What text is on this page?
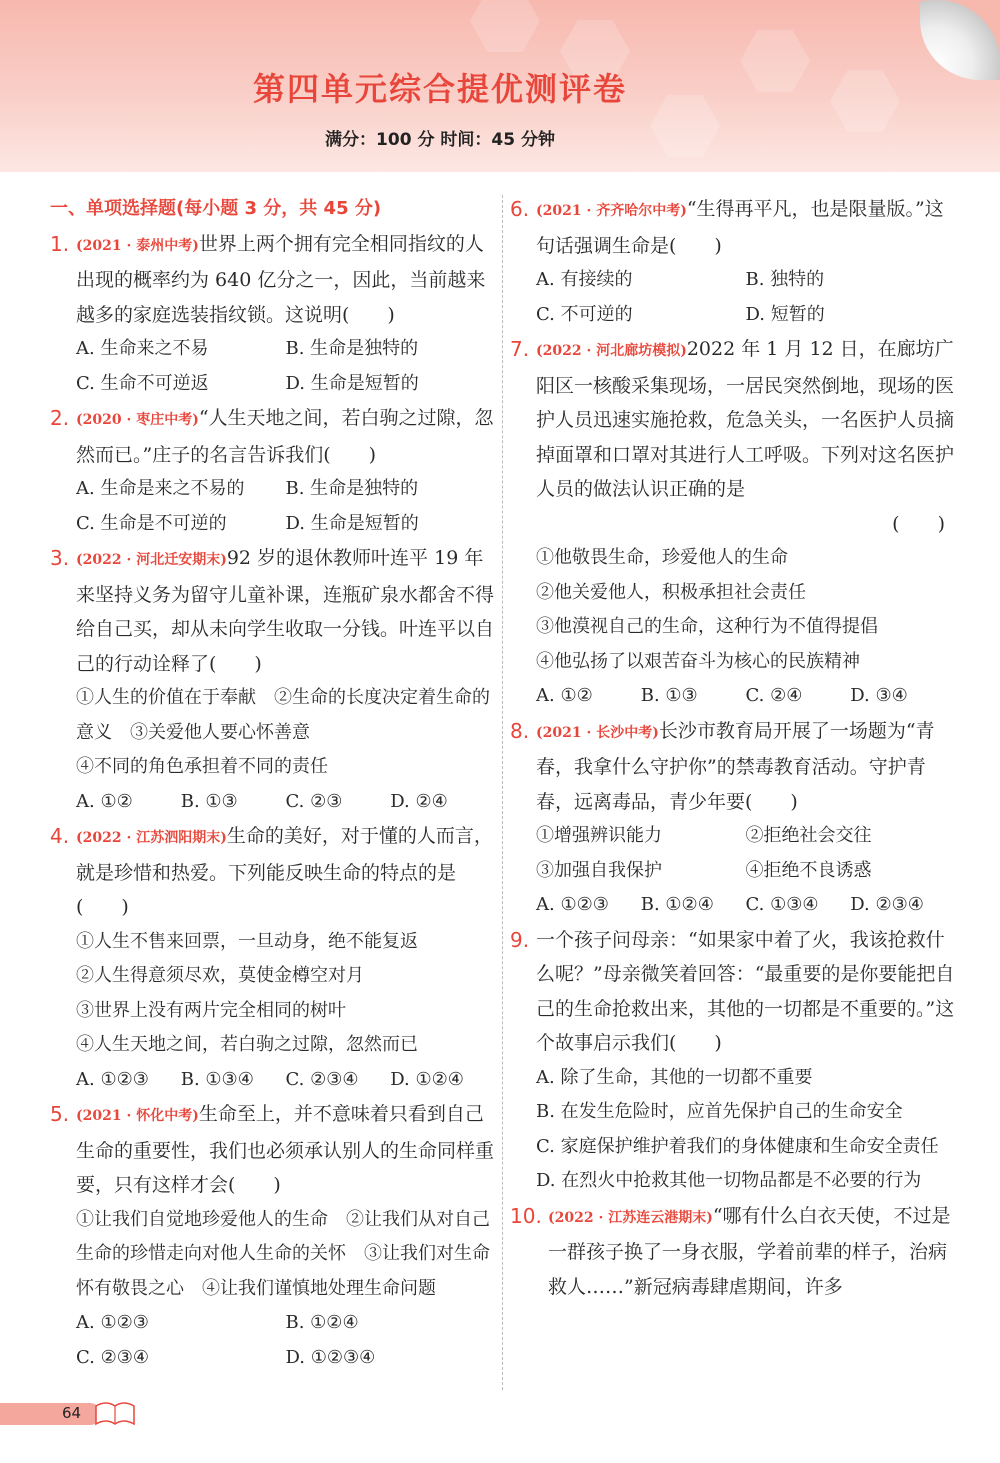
第四单元综合提优测评卷
满分：100 分 时间：45 分钟
一、单项选择题(每小题 3 分，共 45 分)
1. (2021 · 泰州中考)世界上两个拥有完全相同指纹的人出现的概率约为 640 亿分之一，因此，当前越来越多的家庭选装指纹锁。这说明(　　)
A. 生命来之不易	B. 生命是独特的
C. 生命不可逆返	D. 生命是短暂的
2. (2020 · 枣庄中考)“人生天地之间，若白驹之过隙，忽然而已。”庄子的名言告诉我们(　　)
A. 生命是来之不易的	B. 生命是独特的
C. 生命是不可逆的	D. 生命是短暂的
3. (2022 · 河北迁安期末)92 岁的退休教师叶连平 19 年来坚持义务为留守儿童补课，连瓶矿泉水都舍不得给自己买，却从未向学生收取一分钱。叶连平以自己的行动诠释了(　　)
①人生的价值在于奉献　②生命的长度决定着生命的意义　③关爱他人要心怀善意
④不同的角色承担着不同的责任
A. ①②	B. ①③	C. ②③	D. ②④
4. (2022 · 江苏泗阳期末)生命的美好，对于懂的人而言，就是珍惜和热爱。下列能反映生命的特点的是(　　)
①人生不售来回票，一旦动身，绝不能复返
②人生得意须尽欢，莫使金樽空对月
③世界上没有两片完全相同的树叶
④人生天地之间，若白驹之过隙，忽然而已
A. ①②③	B. ①③④	C. ②③④	D. ①②④
5. (2021 · 怀化中考)生命至上，并不意味着只看到自己生命的重要性，我们也必须承认别人的生命同样重要，只有这样才会(　　)
①让我们自觉地珍爱他人的生命　②让我们从对自己生命的珍惜走向对他人生命的关怀　③让我们对生命怀有敬畏之心　④让我们谨慎地处理生命问题
A. ①②③	B. ①②④
C. ②③④	D. ①②③④
6. (2021 · 齐齐哈尔中考)“生得再平凡，也是限量版。”这句话强调生命是(　　)
A. 有接续的	B. 独特的
C. 不可逆的	D. 短暂的
7. (2022 · 河北廊坊模拟)2022 年 1 月 12 日，在廊坊广阳区一核酸采集现场，一居民突然倒地，现场的医护人员迅速实施抢救，危急关头，一名医护人员摘掉面罩和口罩对其进行人工呼吸。下列对这名医护人员的做法认识正确的是
(　　)
①他敬畏生命，珍爱他人的生命
②他关爱他人，积极承担社会责任
③他漠视自己的生命，这种行为不值得提倡
④他弘扬了以艰苦奋斗为核心的民族精神
A. ①②	B. ①③	C. ②④	D. ③④
8. (2021 · 长沙中考)长沙市教育局开展了一场题为“青春，我拿什么守护你”的禁毒教育活动。守护青春，远离毒品，青少年要(　　)
①增强辨识能力	②拒绝社会交往
③加强自我保护	④拒绝不良诱惑
A. ①②③	B. ①②④	C. ①③④	D. ②③④
9. 一个孩子问母亲：“如果家中着了火，我该抢救什么呢？”母亲微笑着回答：“最重要的是你要能把自己的生命抢救出来，其他的一切都是不重要的。”这个故事启示我们(　　)
A. 除了生命，其他的一切都不重要
B. 在发生危险时，应首先保护自己的生命安全
C. 家庭保护维护着我们的身体健康和生命安全责任
D. 在烈火中抢救其他一切物品都是不必要的行为
10. (2022 · 江苏连云港期末)“哪有什么白衣天使，不过是一群孩子换了一身衣服，学着前辈的样子，治病救人……”新冠病毒肆虐期间，许多
64
